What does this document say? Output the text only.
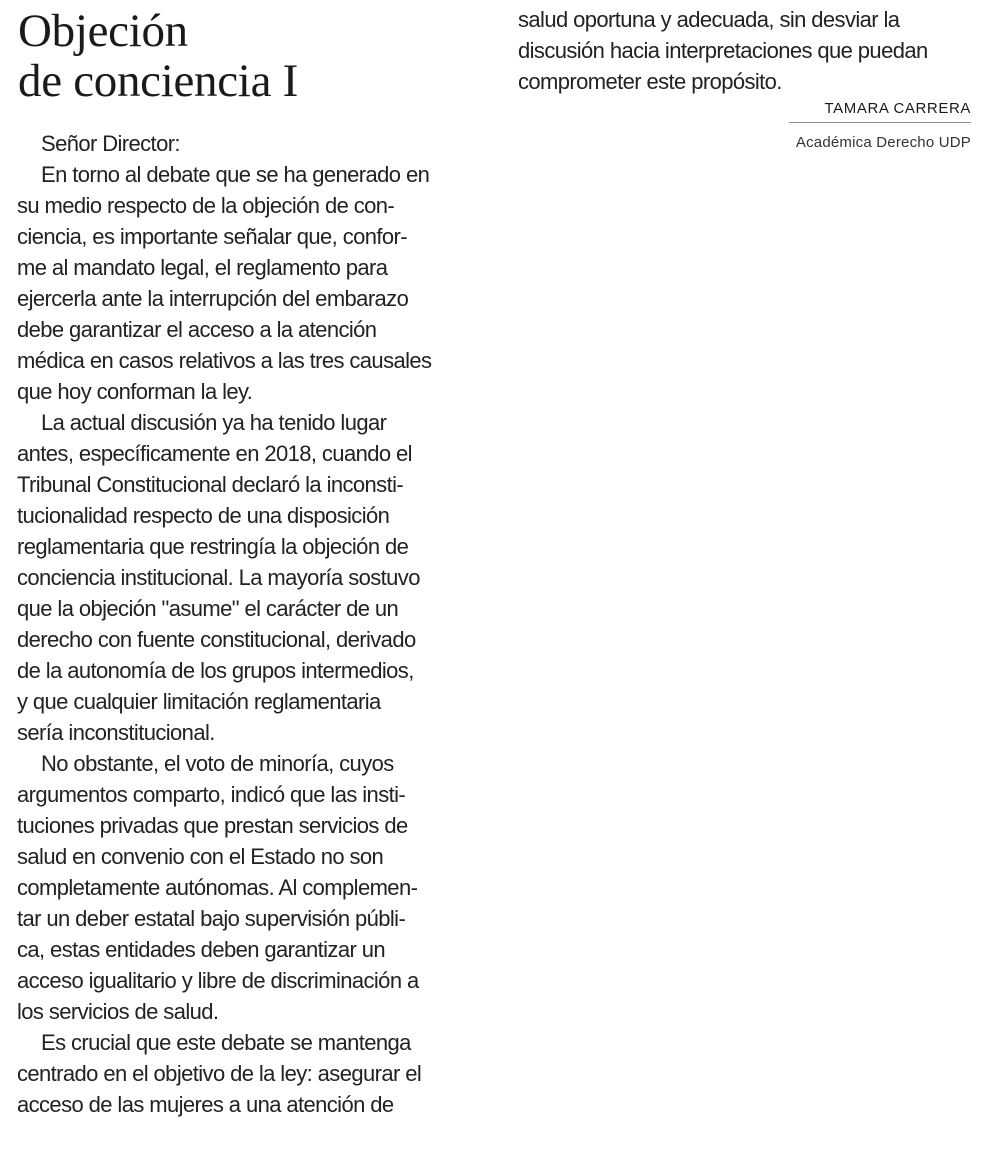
Objeción
de conciencia I
Señor Director:
En torno al debate que se ha generado en
su medio respecto de la objeción de con-
ciencia, es importante señalar que, confor-
me al mandato legal, el reglamento para
ejercerla ante la interrupción del embarazo
debe garantizar el acceso a la atención
médica en casos relativos a las tres causales
que hoy conforman la ley.
La actual discusión ya ha tenido lugar
antes, específicamente en 2018, cuando el
Tribunal Constitucional declaró la inconsti-
tucionalidad respecto de una disposición
reglamentaria que restringía la objeción de
conciencia institucional. La mayoría sostuvo
que la objeción "asume" el carácter de un
derecho con fuente constitucional, derivado
de la autonomía de los grupos intermedios,
y que cualquier limitación reglamentaria
sería inconstitucional.
No obstante, el voto de minoría, cuyos
argumentos comparto, indicó que las insti-
tuciones privadas que prestan servicios de
salud en convenio con el Estado no son
completamente autónomas. Al complemen-
tar un deber estatal bajo supervisión públi-
ca, estas entidades deben garantizar un
acceso igualitario y libre de discriminación a
los servicios de salud.
Es crucial que este debate se mantenga
centrado en el objetivo de la ley: asegurar el
acceso de las mujeres a una atención de
salud oportuna y adecuada, sin desviar la
discusión hacia interpretaciones que puedan
comprometer este propósito.
TAMARA CARRERA
Académica Derecho UDP
